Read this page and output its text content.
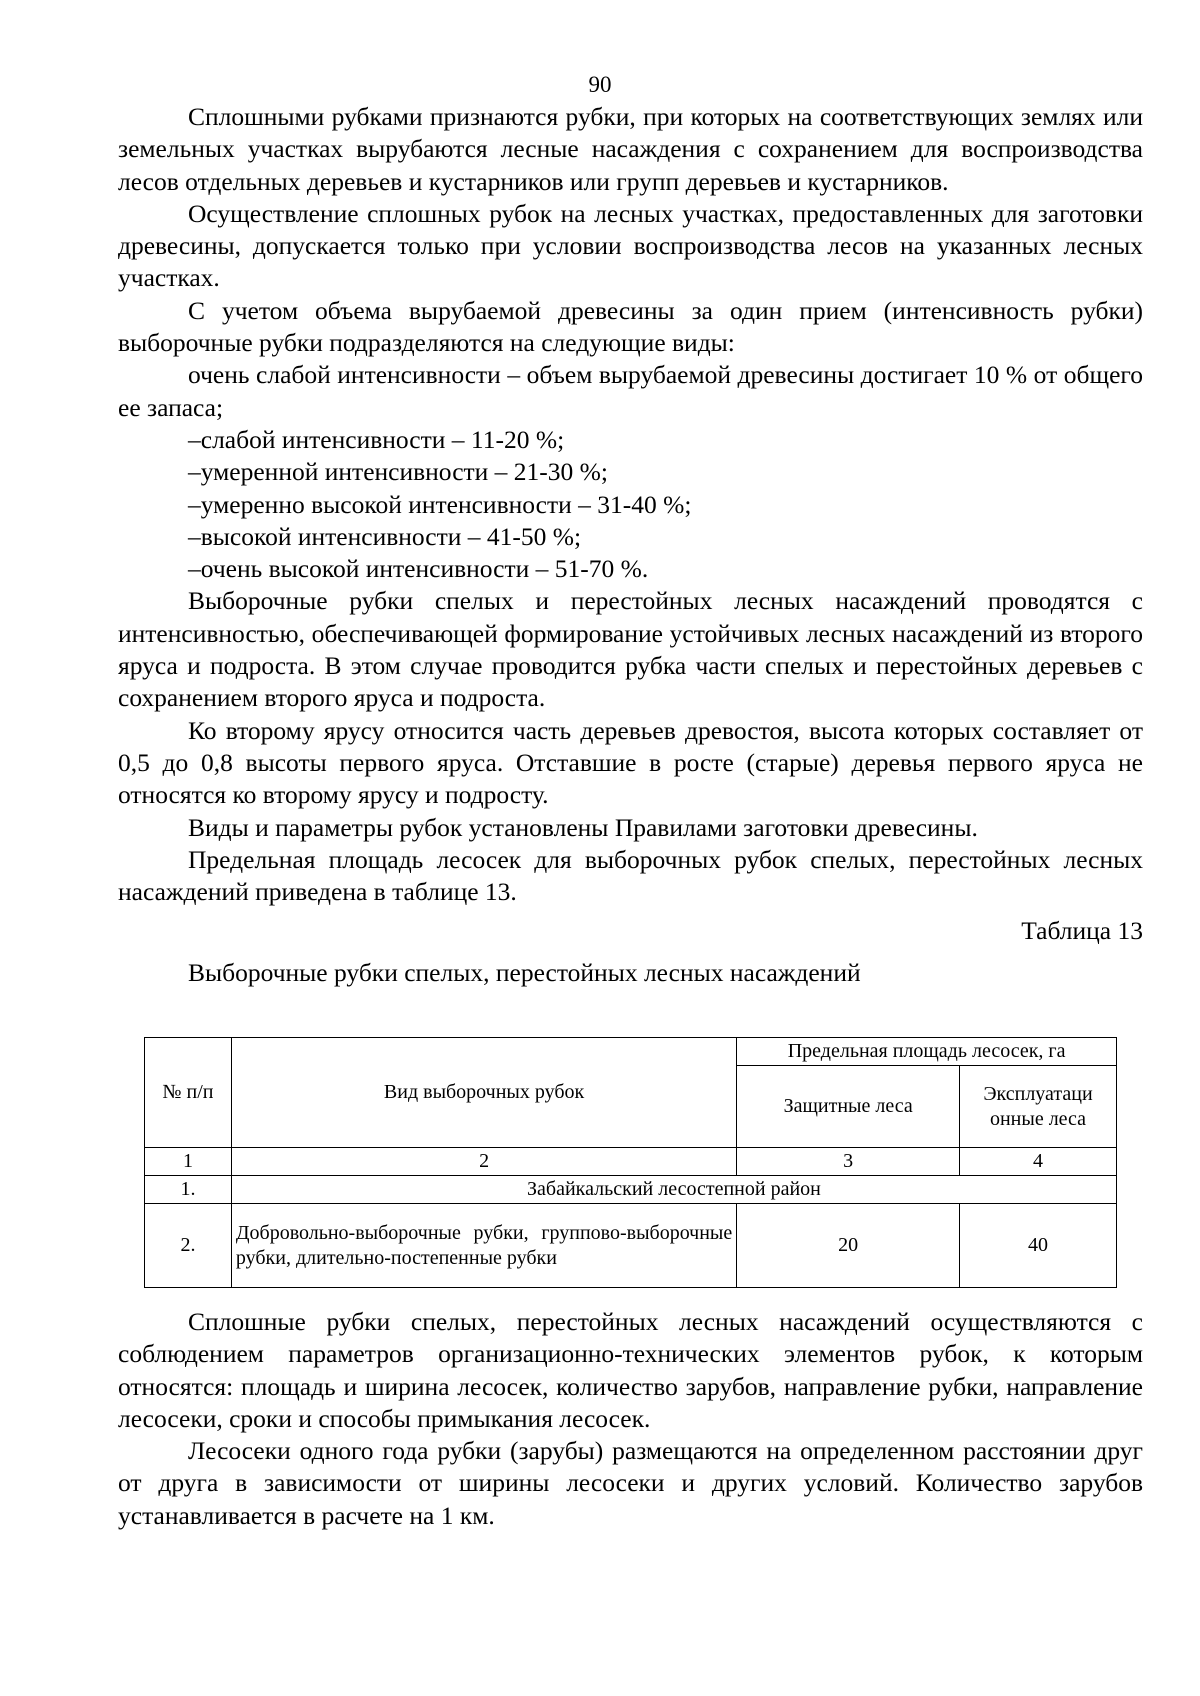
90

Сплошными рубками признаются рубки, при которых на соответствующих землях или земельных участках вырубаются лесные насаждения с сохранением для воспроизводства лесов отдельных деревьев и кустарников или групп деревьев и кустарников.

Осуществление сплошных рубок на лесных участках, предоставленных для заготовки древесины, допускается только при условии воспроизводства лесов на указанных лесных участках.

С учетом объема вырубаемой древесины за один прием (интенсивность рубки) выборочные рубки подразделяются на следующие виды:

очень слабой интенсивности – объем вырубаемой древесины достигает 10 % от общего ее запаса;

–слабой интенсивности – 11-20 %;

–умеренной интенсивности – 21-30 %;

–умеренно высокой интенсивности – 31-40 %;

–высокой интенсивности – 41-50 %;

–очень высокой интенсивности – 51-70 %.

Выборочные рубки спелых и перестойных лесных насаждений проводятся с интенсивностью, обеспечивающей формирование устойчивых лесных насаждений из второго яруса и подроста. В этом случае проводится рубка части спелых и перестойных деревьев с сохранением второго яруса и подроста.

Ко второму ярусу относится часть деревьев древостоя, высота которых составляет от 0,5 до 0,8 высоты первого яруса. Отставшие в росте (старые) деревья первого яруса не относятся ко второму ярусу и подросту.

Виды и параметры рубок установлены Правилами заготовки древесины.

Предельная площадь лесосек для выборочных рубок спелых, перестойных лесных насаждений приведена в таблице 13.

Таблица 13

Выборочные рубки спелых, перестойных лесных насаждений

№ п/п	Вид выборочных рубок	Предельная площадь лесосек, га	
		Защитные леса	Эксплуатаци онные леса
1	2	3	4
1.	Забайкальский лесостепной район		
2.	Добровольно-выборочные рубки, группово-выборочные рубки, длительно-постепенные рубки	20	40

Сплошные рубки спелых, перестойных лесных насаждений осуществляются с соблюдением параметров организационно-технических элементов рубок, к которым относятся: площадь и ширина лесосек, количество зарубов, направление рубки, направление лесосеки, сроки и способы примыкания лесосек.

Лесосеки одного года рубки (зарубы) размещаются на определенном расстоянии друг от друга в зависимости от ширины лесосеки и других условий. Количество зарубов устанавливается в расчете на 1 км.
